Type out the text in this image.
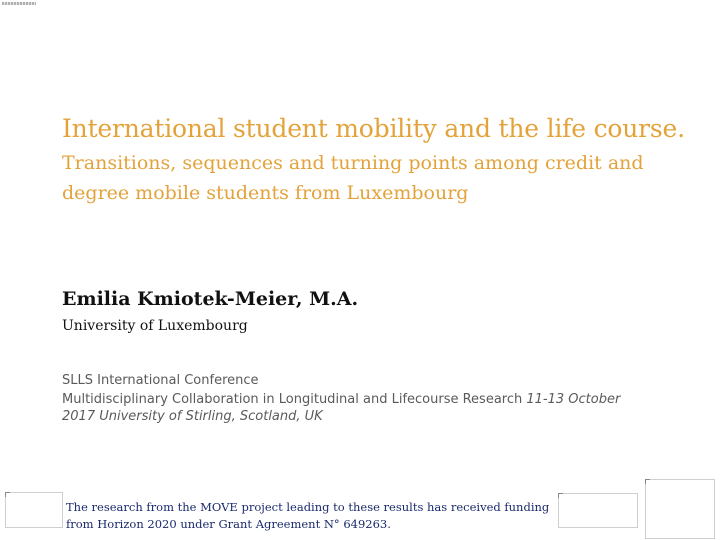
International student mobility and the life course.
Transitions, sequences and turning points among credit and degree mobile students from Luxembourg
Emilia Kmiotek-Meier, M.A.
University of Luxembourg
SLLS International Conference
Multidisciplinary Collaboration in Longitudinal and Lifecourse Research 11-13 October 2017 University of Stirling, Scotland, UK
The research from the MOVE project leading to these results has received funding from Horizon 2020 under Grant Agreement N° 649263.
